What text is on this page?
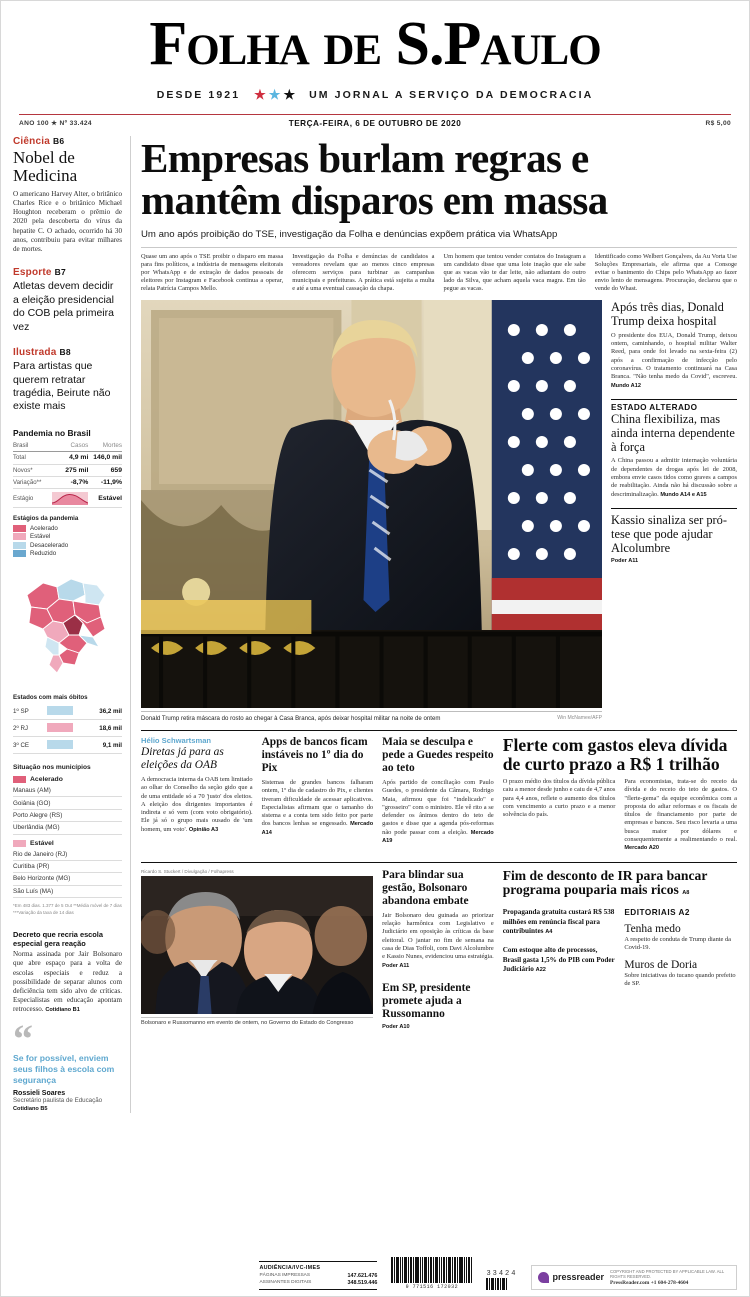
Folha de S.Paulo
DESDE 1921 ★ ★ ★ UM JORNAL A SERVIÇO DA DEMOCRACIA
ANO 100 ★ Nº 33.424	TERÇA-FEIRA, 6 DE OUTUBRO DE 2020	R$ 5,00
Ciência B6
Nobel de Medicina
O americano Harvey Alter, o britânico Charles Rice e o britânico Michael Houghton receberam o prêmio de 2020 pela descoberta do vírus da hepatite C. O achado, ocorrido há 30 anos, contribuiu para evitar milhares de mortes.
Esporte B7
Atletas devem decidir a eleição presidencial do COB pela primeira vez
Ilustrada B8
Para artistas que querem retratar tragédia, Beirute não existe mais
Pandemia no Brasil
Brasil	Casos	Mortes
Total	4,9 mi	146,0 mil
Novos*	275 mil	659
Variação**	-8,7%	-11,9%
Estágio		Estável
Estágios da pandemia
Acelerado
Estável
Desacelerado
Reduzido
Estados com mais óbitos
1º SP		36,2 mil
2º RJ		18,6 mil
3º CE		9,1 mil
Situação nos municípios
Acelerado
Manaus (AM)
Goiânia (GO)
Porto Alegre (RS)
Uberlândia (MG)
Estável
Rio de Janeiro (RJ)
Curitiba (PR)
Belo Horizonte (MG)
São Luís (MA)
*Em 483 dias. 1.377 de 5 Out **Média móvel de 7 dias ***Variação da taxa de 14 dias
Decreto que recria escola especial gera reação
Norma assinada por Jair Bolsonaro que abre espaço para a volta de escolas especiais e reduz a possibilidade de separar alunos com deficiência tem sido alvo de críticas. Especialistas em educação apontam retrocesso. Cotidiano B1
“
Se for possível, enviem seus filhos à escola com segurança
Rossieli Soares
Secretário paulista de Educação Cotidiano B5
Empresas burlam regras e mantêm disparos em massa
Um ano após proibição do TSE, investigação da Folha e denúncias expõem prática via WhatsApp
Quase um ano após o TSE proibir o disparo em massa para fins políticos, a indústria de mensagens eleitorais por WhatsApp e de extração de dados pessoais de eleitores por Instagram e Facebook continua a operar, relata Patrícia Campos Mello.
Investigação da Folha e denúncias de candidatos a vereadores revelam que ao menos cinco empresas oferecem serviços para turbinar as campanhas municipais e prefeituras. A prática está sujeita a multa e até a uma eventual cassação da chapa.
Um homem que tentou vender contatos do Instagram a um candidato disse que uma lote inação que ele sabe que as vacas vão te dar leite, não adiantam do outro lado da Silva, que acham aquela vaca magra. Em tão pegue as vacas.
Identificado como Welbert Gonçalves, da Au Vorta Use Soluções Empresariais, ele afirma que a Consoge evitar o banimento do Chips pelo WhatsApp ao fazer envio lento de mensagens. Procuração, declarou que o vende do Whast.
Donald Trump retira máscara do rosto ao chegar à Casa Branca, após deixar hospital militar na noite de ontem	Win McNamee/AFP
Após três dias, Donald Trump deixa hospital
O presidente dos EUA, Donald Trump, deixou ontem, caminhando, o hospital militar Walter Reed, para onde foi levado na sexta-feira (2) após a confirmação de infecção pelo coronavírus. O tratamento continuará na Casa Branca. "Não tenha medo da Covid", escreveu. Mundo A12
ESTADO ALTERADO
China flexibiliza, mas ainda interna dependente à força
A China passou a admitir internação voluntária de dependentes de drogas após lei de 2008, embora envie casos tidos como graves a campos de reabilitação. Ainda não há discussão sobre a descriminalização. Mundo A14 e A15
Kassio sinaliza ser pró-tese que pode ajudar Alcolumbre
Poder A11
Hélio Schwartsman
Diretas já para as eleições da OAB
A democracia interna da OAB tem limitado ao olhar do Conselho da seção gido que a de uma entidade só a 70 'justo' dos eleitos. A eleição dos dirigentes importantes é indireta e só vem (com voto obrigatório). Ele já só o grupo mais ousado de 'um homem, um voto'. Opinião A3
Apps de bancos ficam instáveis no 1º dia do Pix
Sistemas de grandes bancos falharam ontem, 1º dia de cadastro do Pix, e clientes tiveram dificuldade de acessar aplicativos. Especialistas afirmam que o tamanho do sistema e a conta tem sido feito por parte dos bancos lenhas se engessado. Mercado A14
Maia se desculpa e pede a Guedes respeito ao teto
Após partido de conciliação com Paulo Guedes, o presidente da Câmara, Rodrigo Maia, afirmou que foi "indelicado" e "grosseiro" com o ministro. Ele vê rito a se defender os ânimos dentro do teto de gastos e disse que a agenda pós-reformas não pode passar com a eleição. Mercado A19
Flerte com gastos eleva dívida de curto prazo a R$ 1 trilhão
O prazo médio dos títulos da dívida pública caiu a menor desde junho e caiu de 4,7 anos para 4,4 anos, reflete o aumento dos títulos com vencimento a curto prazo e a menor solvência do país.
Para economistas, trata-se do receio da dívida e do receio do teto de gastos. O "flerte-gema" da equipe econômica com a proposta do adiar reformas e os fiscais de títulos de financiamento por parte de empresas e bancos. Seu risco levaria a uma busca maior por dólares e consequentemente a realimentando o real. Mercado A20
Ricardo S. Stuckert / Divulgação / Folhapress
Bolsonaro e Russomanno em evento de ontem, no Governo do Estado do Congresso
Para blindar sua gestão, Bolsonaro abandona embate
Jair Bolsonaro deu guinada ao priorizar relação harmônica com Legislativo e Judiciário em oposição às críticas da base eleitoral. O jantar no fim de semana na casa de Dias Toffoli, com Davi Alcolumbre e Kassio Nunes, evidenciou uma estratégia. Poder A11
Em SP, presidente promete ajuda a Russomanno
Poder A10
Fim de desconto de IR para bancar programa pouparia mais ricos A8
Propaganda gratuita custará R$ 538 milhões em renúncia fiscal para contribuintes A4
Com estoque alto de processos, Brasil gasta 1,5% do PIB com Poder Judiciário A22
EDITORIAIS A2
Tenha medo
A respeito de conduta de Trump diante da Covid-19.
Muros de Doria
Sobre iniciativas do tucano quando prefeito de SP.
AUDIÊNCIA/IVC-IMES
PÁGINAS IMPRESSAS	147.621.476
ASSINANTES DIGITAIS	348.519.446
9 771516 172032
33424	pressreader
COPYRIGHT AND PROTECTED BY APPLICABLE LAW. ALL RIGHTS RESERVED.
PressReader.com +1 604-278-4604
